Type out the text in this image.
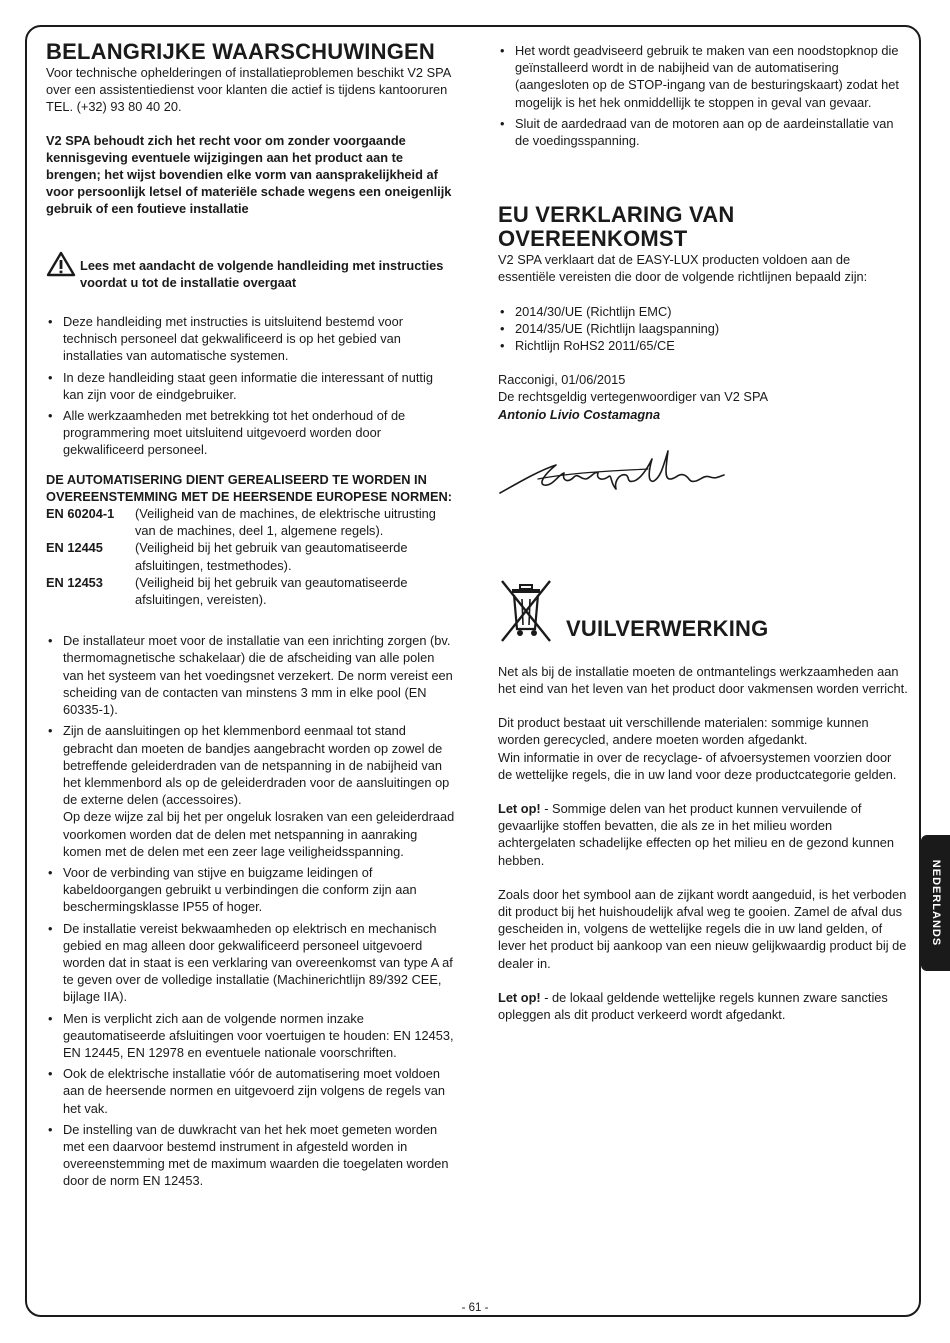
BELANGRIJKE WAARSCHUWINGEN

Voor technische ophelderingen of installatieproblemen beschikt V2 SPA over een assistentiedienst voor klanten die actief is tijdens kantooruren TEL. (+32) 93 80 40 20.

V2 SPA behoudt zich het recht voor om zonder voorgaande kennisgeving eventuele wijzigingen aan het product aan te brengen; het wijst bovendien elke vorm van aansprakelijkheid af voor persoonlijk letsel of materiële schade wegens een oneigenlijk gebruik of een foutieve installatie

Lees met aandacht de volgende handleiding met instructies voordat u tot de installatie overgaat
• Deze handleiding met instructies is uitsluitend bestemd voor technisch personeel dat gekwalificeerd is op het gebied van installaties van automatische systemen.
• In deze handleiding staat geen informatie die interessant of nuttig kan zijn voor de eindgebruiker.
• Alle werkzaamheden met betrekking tot het onderhoud of de programmering moet uitsluitend uitgevoerd worden door gekwalificeerd personeel.

DE AUTOMATISERING DIENT GEREALISEERD TE WORDEN IN OVEREENSTEMMING MET DE HEERSENDE EUROPESE NORMEN:

EN 60204-1	(Veiligheid van de machines, de elektrische uitrusting van de machines, deel 1, algemene regels).
EN 12445	(Veiligheid bij het gebruik van geautomatiseerde afsluitingen, testmethodes).
EN 12453	(Veiligheid bij het gebruik van geautomatiseerde afsluitingen, vereisten).
• De installateur moet voor de installatie van een inrichting zorgen (bv. thermomagnetische schakelaar) die de afscheiding van alle polen van het systeem van het voedingsnet verzekert. De norm vereist een scheiding van de contacten van minstens 3 mm in elke pool (EN 60335-1).
• Zijn de aansluitingen op het klemmenbord eenmaal tot stand gebracht dan moeten de bandjes aangebracht worden op zowel de betreffende geleiderdraden van de netspanning in de nabijheid van het klemmenbord als op de geleiderdraden voor de aansluitingen op de externe delen (accessoires).
Op deze wijze zal bij het per ongeluk losraken van een geleiderdraad voorkomen worden dat de delen met netspanning in aanraking komen met de delen met een zeer lage veiligheidsspanning.
• Voor de verbinding van stijve en buigzame leidingen of kabeldoorgangen gebruikt u verbindingen die conform zijn aan beschermingsklasse IP55 of hoger.
• De installatie vereist bekwaamheden op elektrisch en mechanisch gebied en mag alleen door gekwalificeerd personeel uitgevoerd worden dat in staat is een verklaring van overeenkomst van type A af te geven over de volledige installatie (Machinerichtlijn 89/392 CEE, bijlage IIA).
• Men is verplicht zich aan de volgende normen inzake geautomatiseerde afsluitingen voor voertuigen te houden: EN 12453, EN 12445, EN 12978 en eventuele nationale voorschriften.
• Ook de elektrische installatie vóór de automatisering moet voldoen aan de heersende normen en uitgevoerd zijn volgens de regels van het vak.
• De instelling van de duwkracht van het hek moet gemeten worden met een daarvoor bestemd instrument in afgesteld worden in overeenstemming met de maximum waarden die toegelaten worden door de norm EN 12453.
• Het wordt geadviseerd gebruik te maken van een noodstopknop die geïnstalleerd wordt in de nabijheid van de automatisering (aangesloten op de STOP-ingang van de besturingskaart) zodat het mogelijk is het hek onmiddellijk te stoppen in geval van gevaar.
• Sluit de aardedraad van de motoren aan op de aardeinstallatie van de voedingsspanning.
EU VERKLARING VAN OVEREENKOMST

V2 SPA verklaart dat de EASY-LUX producten voldoen aan de essentiële vereisten die door de volgende richtlijnen bepaald zijn:

• 2014/30/UE (Richtlijn EMC)
• 2014/35/UE (Richtlijn laagspanning)
• Richtlijn RoHS2 2011/65/CE

Racconigi, 01/06/2015

De rechtsgeldig vertegenwoordiger van V2 SPA

Antonio Livio Costamagna

VUILVERWERKING

Net als bij de installatie moeten de ontmantelings werkzaamheden aan het eind van het leven van het product door vakmensen worden verricht.

Dit product bestaat uit verschillende materialen: sommige kunnen worden gerecycled, andere moeten worden afgedankt.
Win informatie in over de recyclage- of afvoersystemen voorzien door de wettelijke regels, die in uw land voor deze productcategorie gelden.

Let op! - Sommige delen van het product kunnen vervuilende of gevaarlijke stoffen bevatten, die als ze in het milieu worden achtergelaten schadelijke effecten op het milieu en de gezond kunnen hebben.

Zoals door het symbool aan de zijkant wordt aangeduid, is het verboden dit product bij het huishoudelijk afval weg te gooien. Zamel de afval dus gescheiden in, volgens de wettelijke regels die in uw land gelden, of lever het product bij aankoop van een nieuw gelijkwaardig product bij de dealer in.

Let op! - de lokaal geldende wettelijke regels kunnen zware sancties opleggen als dit product verkeerd wordt afgedankt.

NEDERLANDS
- 61 -
